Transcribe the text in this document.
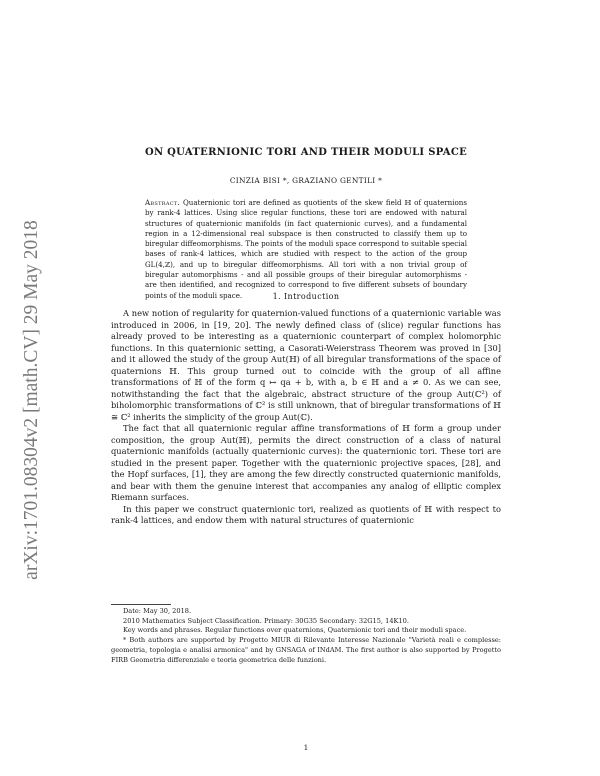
arXiv:1701.08304v2 [math.CV] 29 May 2018
ON QUATERNIONIC TORI AND THEIR MODULI SPACE
CINZIA BISI *, GRAZIANO GENTILI *
Abstract. Quaternionic tori are defined as quotients of the skew field ℍ of quaternions by rank-4 lattices. Using slice regular functions, these tori are endowed with natural structures of quaternionic manifolds (in fact quaternionic curves), and a fundamental region in a 12-dimensional real subspace is then constructed to classify them up to biregular diffeomorphisms. The points of the moduli space correspond to suitable special bases of rank-4 lattices, which are studied with respect to the action of the group GL(4,ℤ), and up to biregular diffeomorphisms. All tori with a non trivial group of biregular automorphisms - and all possible groups of their biregular automorphisms - are then identified, and recognized to correspond to five different subsets of boundary points of the moduli space.	1. Introduction

A new notion of regularity for quaternion-valued functions of a quaternionic variable was introduced in 2006, in [19, 20]. The newly defined class of (slice) regular functions has already proved to be interesting as a quaternionic counterpart of complex holomorphic functions. In this quaternionic setting, a Casorati-Weierstrass Theorem was proved in [30] and it allowed the study of the group Aut(ℍ) of all biregular transformations of the space of quaternions ℍ. This group turned out to coincide with the group of all affine transformations of ℍ of the form q ↦ qa + b, with a, b ∈ ℍ and a ≠ 0. As we can see, notwithstanding the fact that the algebraic, abstract structure of the group Aut(ℂ²) of biholomorphic transformations of ℂ² is still unknown, that of biregular transformations of ℍ ≅ ℂ² inherits the simplicity of the group Aut(ℂ).

The fact that all quaternionic regular affine transformations of ℍ form a group under composition, the group Aut(ℍ), permits the direct construction of a class of natural quaternionic manifolds (actually quaternionic curves): the quaternionic tori. These tori are studied in the present paper. Together with the quaternionic projective spaces, [28], and the Hopf surfaces, [1], they are among the few directly constructed quaternionic manifolds, and bear with them the genuine interest that accompanies any analog of elliptic complex Riemann surfaces.

In this paper we construct quaternionic tori, realized as quotients of ℍ with respect to rank-4 lattices, and endow them with natural structures of quaternionic

Date: May 30, 2018.

2010 Mathematics Subject Classification. Primary: 30G35 Secondary: 32G15, 14K10.

Key words and phrases. Regular functions over quaternions, Quaternionic tori and their moduli space.

* Both authors are supported by Progetto MIUR di Rilevante Interesse Nazionale "Varietà reali e complesse: geometria, topologia e analisi armonica" and by GNSAGA of INdAM. The first author is also supported by Progetto FIRB Geometria differenziale e teoria geometrica delle funzioni.

1
